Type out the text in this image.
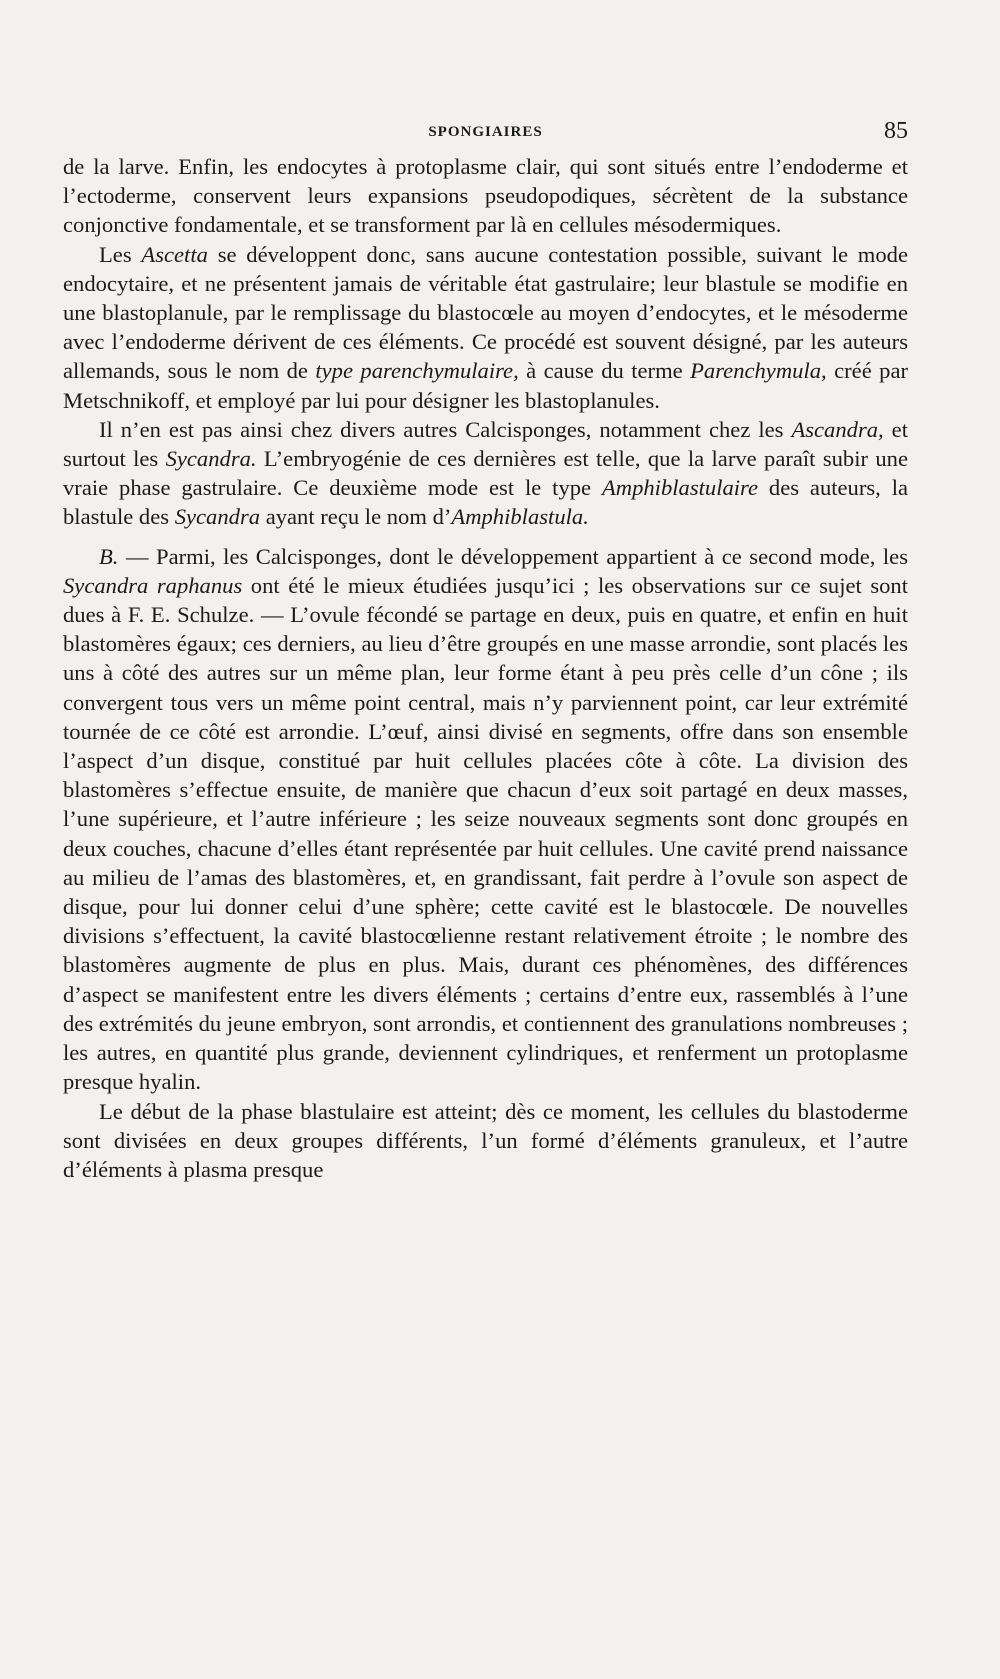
SPONGIAIRES	85

de la larve. Enfin, les endocytes à protoplasme clair, qui sont situés entre l’endoderme et l’ectoderme, conservent leurs expansions pseudopodiques, sécrètent de la substance conjonctive fondamentale, et se transforment par là en cellules mésodermiques.

Les Ascetta se développent donc, sans aucune contestation possible, suivant le mode endocytaire, et ne présentent jamais de véritable état gastrulaire; leur blastule se modifie en une blastoplanule, par le remplissage du blastocœle au moyen d’endocytes, et le mésoderme avec l’endoderme dérivent de ces éléments. Ce procédé est souvent désigné, par les auteurs allemands, sous le nom de type parenchymulaire, à cause du terme Parenchymula, créé par Metschnikoff, et employé par lui pour désigner les blastoplanules.

Il n’en est pas ainsi chez divers autres Calcisponges, notamment chez les Ascandra, et surtout les Sycandra. L’embryogénie de ces dernières est telle, que la larve paraît subir une vraie phase gastrulaire. Ce deuxième mode est le type Amphiblastulaire des auteurs, la blastule des Sycandra ayant reçu le nom d’Amphiblastula.

B. — Parmi, les Calcisponges, dont le développement appartient à ce second mode, les Sycandra raphanus ont été le mieux étudiées jusqu’ici ; les observations sur ce sujet sont dues à F. E. Schulze. — L’ovule fécondé se partage en deux, puis en quatre, et enfin en huit blastomères égaux; ces derniers, au lieu d’être groupés en une masse arrondie, sont placés les uns à côté des autres sur un même plan, leur forme étant à peu près celle d’un cône ; ils convergent tous vers un même point central, mais n’y parviennent point, car leur extrémité tournée de ce côté est arrondie. L’œuf, ainsi divisé en segments, offre dans son ensemble l’aspect d’un disque, constitué par huit cellules placées côte à côte. La division des blastomères s’effectue ensuite, de manière que chacun d’eux soit partagé en deux masses, l’une supérieure, et l’autre inférieure ; les seize nouveaux segments sont donc groupés en deux couches, chacune d’elles étant représentée par huit cellules. Une cavité prend naissance au milieu de l’amas des blastomères, et, en grandissant, fait perdre à l’ovule son aspect de disque, pour lui donner celui d’une sphère; cette cavité est le blastocœle. De nouvelles divisions s’effectuent, la cavité blastocœlienne restant relativement étroite ; le nombre des blastomères augmente de plus en plus. Mais, durant ces phénomènes, des différences d’aspect se manifestent entre les divers éléments ; certains d’entre eux, rassemblés à l’une des extrémités du jeune embryon, sont arrondis, et contiennent des granulations nombreuses ; les autres, en quantité plus grande, deviennent cylindriques, et renferment un protoplasme presque hyalin.

Le début de la phase blastulaire est atteint; dès ce moment, les cellules du blastoderme sont divisées en deux groupes différents, l’un formé d’éléments granuleux, et l’autre d’éléments à plasma presque
